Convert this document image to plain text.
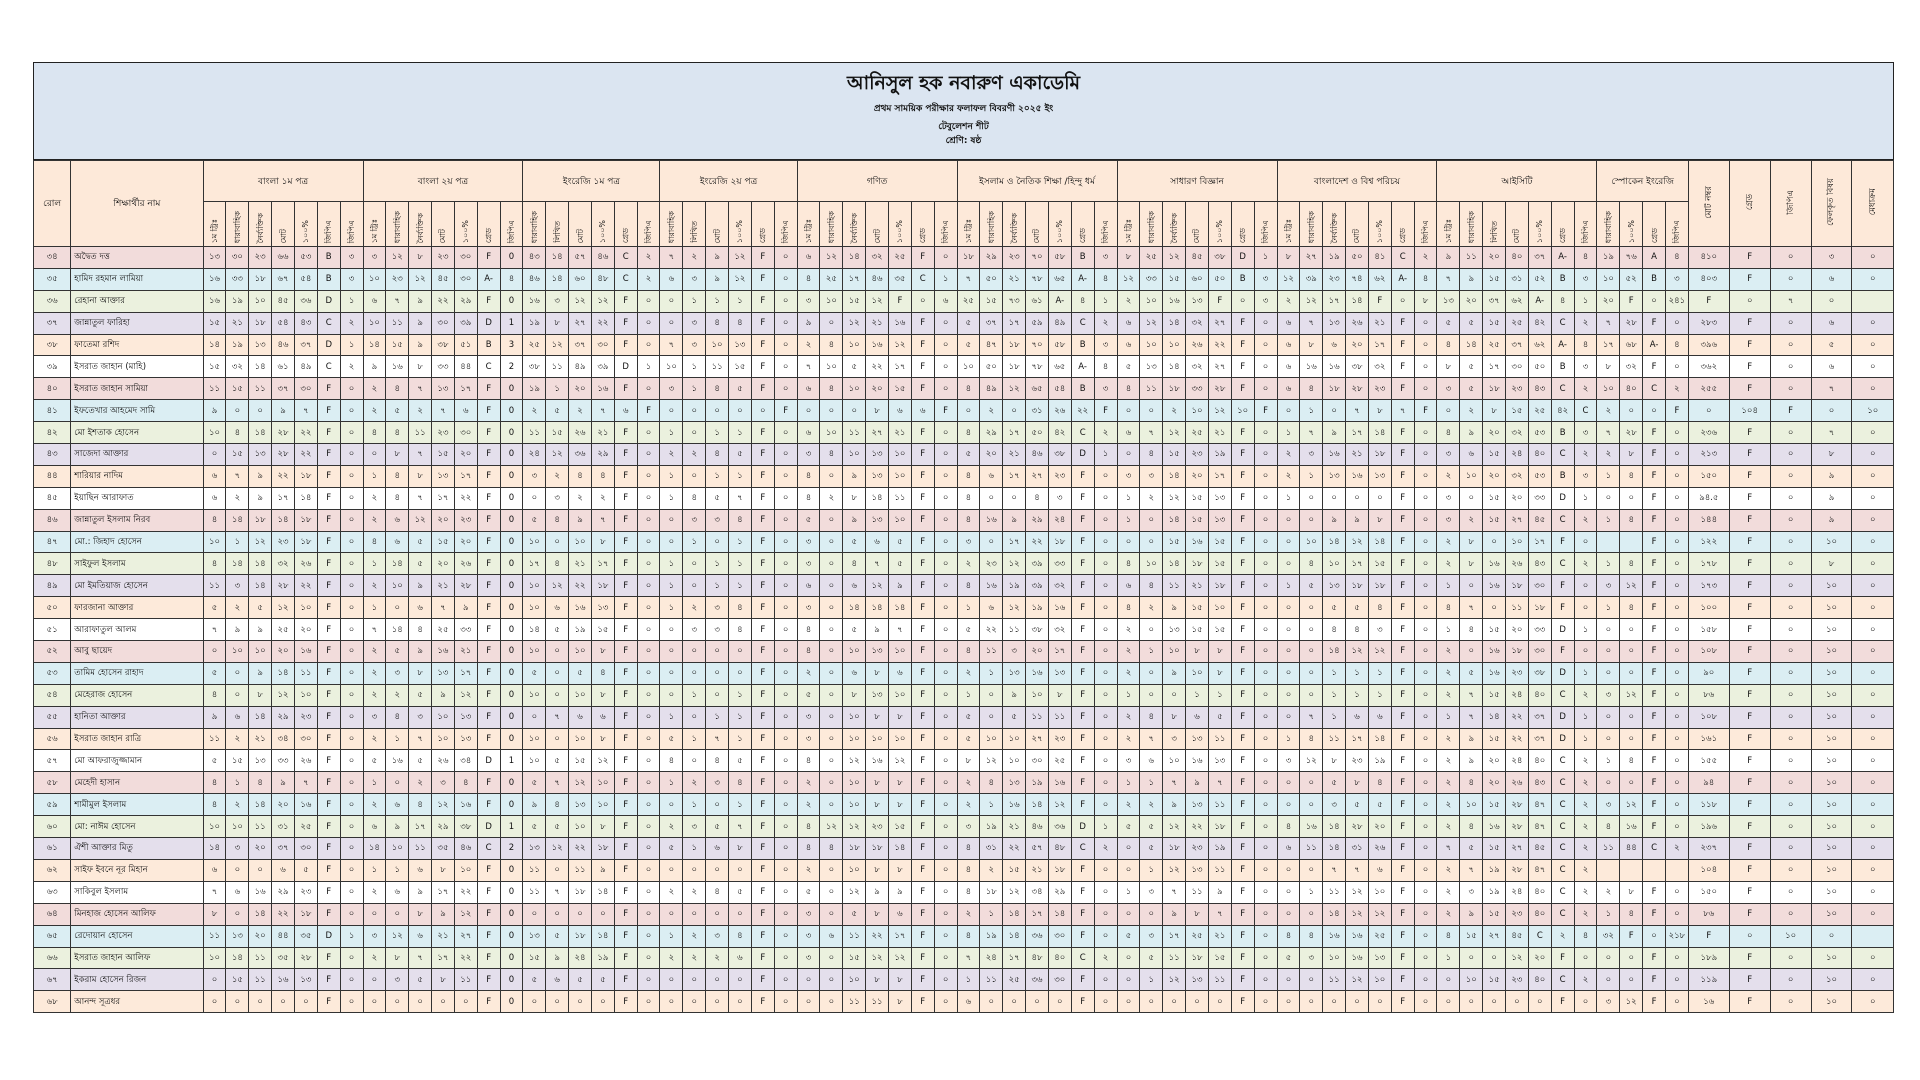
আনিসুল হক নবারুণ একাডেমি
প্রথম সাময়িক পরীক্ষার ফলাফল বিবরণী ২০২৫ ইং
টেবুলেশন শীট
শ্রেণি: ষষ্ঠ
রোল	শিক্ষার্থীর নাম	বাংলা ১ম পত্র	বাংলা ২য় পত্র	ইংরেজি ১ম পত্র	ইংরেজি ২য় পত্র	গণিত	ইসলাম ও নৈতিক শিক্ষা /হিন্দু ধর্ম	সাধারণ বিজ্ঞান	বাংলাদেশ ও বিশ্ব পরিচয়	আইসিটি	স্পোকেন ইংরেজি	মোট নম্বর	গ্রেড	জিপিএ	ফেলকৃত বিষয়	মেধাক্রম
১ম ট্রিঃ	ধারাবাহিক	নৈর্ব্যক্তিক	মোট	১০০%	জিপিএ	জিপিএ	১ম ট্রিঃ	ধারাবাহিক	নৈর্ব্যক্তিক	মোট	১০০%	গ্রেড	জিপিএ	ধারাবাহিক	লিখিত	মোট	১০০%	গ্রেড	জিপিএ	ধারাবাহিক	লিখিত	মোট	১০০%	গ্রেড	জিপিএ	১ম ট্রিঃ	ধারাবাহিক	নৈর্ব্যক্তিক	মোট	১০০%	গ্রেড	জিপিএ	১ম ট্রিঃ	ধারাবাহিক	নৈর্ব্যক্তিক	মোট	১০০%	গ্রেড	জিপিএ	১ম ট্রিঃ	ধারাবাহিক	নৈর্ব্যক্তিক	মোট	১০০%	গ্রেড	জিপিএ	১ম ট্রিঃ	ধারাবাহিক	নৈর্ব্যক্তিক	মোট	১০০%	গ্রেড	জিপিএ	১ম ট্রিঃ	ধারাবাহিক	লিখিত	মোট	১০০%	গ্রেড	জিপিএ	ধারাবাহিক	১০০%	গ্রেড	জিপিএ
৩৪	অদ্বৈত দত্ত	১৩	৩০	২৩	৬৬	৫৩	B	৩	৩	১২	৮	২৩	৩০	F	0	৪৩	১৪	৫৭	৪৬	C	২	৭	২	৯	১২	F	০	৬	১২	১৪	৩২	২৫	F	০	১৮	২৯	২৩	৭০	৫৮	B	৩	৮	২৫	১২	৪৫	৩৮	D	১	৮	২৭	১৯	৫০	৪১	C	২	৯	১১	২০	৪০	৩৭	A-	৪	১৯	৭৬	A	৪	৪১০	F	০	৩	০
৩৫	হামিদ রহমান লামিয়া	১৬	৩৩	১৮	৬৭	৫৪	B	৩	১০	২৩	১২	৪৫	৩০	A-	৪	৪৬	১৪	৬০	৪৮	C	২	৬	৩	৯	১২	F	০	৪	২৫	১৭	৪৬	৩৫	C	১	৭	৫০	২১	৭৮	৬৫	A-	৪	১২	৩৩	১৫	৬০	৫০	B	৩	১২	৩৯	২৩	৭৪	৬২	A-	৪	৭	৯	১৫	৩১	৫২	B	৩	১০	৫২	B	৩	৪০৩	F	০	৬	০
৩৬	রেহানা আক্তার	১৬	১৯	১০	৪৫	৩৬	D	১	৬	৭	৯	২২	২৯	F	0	১৬	৩	১২	১২	F	০	০	১	১	১	F	০	৩	১০	১৫	১২	F	০	৬	২৫	১৫	৭৩	৬১	A-	৪	১	২	১০	১৬	১৩	F	০	৩	২	১২	১৭	১৪	F	০	৮	১৩	২০	৩৭	৬২	A-	৪	১	২০	F	০	২৪১	F	০	৭	০	
৩৭	জান্নাতুল ফারিহা	১৫	২১	১৮	৫৪	৪৩	C	২	১০	১১	৯	৩০	৩৯	D	1	১৯	৮	২৭	২২	F	০	০	৩	৪	৪	F	০	৯	০	১২	২১	১৬	F	০	৫	৩৭	১৭	৫৯	৪৯	C	২	৬	১২	১৪	৩২	২৭	F	০	৬	৭	১৩	২৬	২১	F	০	৫	৫	১৫	২৫	৪২	C	২	৭	২৮	F	০	২৮৩	F	০	৬	০
৩৮	ফাতেমা রশিদ	১৪	১৯	১৩	৪৬	৩৭	D	১	১৪	১৫	৯	৩৮	৫১	B	3	২৫	১২	৩৭	৩০	F	০	৭	৩	১০	১৩	F	০	২	৪	১০	১৬	১২	F	০	৫	৪৭	১৮	৭০	৫৮	B	৩	৬	১০	১০	২৬	২২	F	০	৬	৮	৬	২০	১৭	F	০	৪	১৪	২৫	৩৭	৬২	A-	৪	১৭	৬৮	A-	৪	৩৯৬	F	০	৫	০
৩৯	ইসরাত জাহান (মাহি)	১৫	৩২	১৪	৬১	৪৯	C	২	৯	১৬	৮	৩৩	৪৪	C	2	৩৮	১১	৪৯	৩৯	D	১	১০	১	১১	১৫	F	০	৭	১০	৫	২২	১৭	F	০	১০	৫০	১৮	৭৮	৬৫	A-	৪	৫	১৩	১৪	৩২	২৭	F	০	৬	১৬	১৬	৩৮	৩২	F	০	৮	৫	১৭	৩০	৫০	B	৩	৮	৩২	F	০	৩৬২	F	০	৬	০
৪০	ইসরাত জাহান সামিয়া	১১	১৫	১১	৩৭	৩০	F	০	২	৪	৭	১৩	১৭	F	0	১৯	১	২০	১৬	F	০	৩	১	৪	৫	F	০	৬	৪	১০	২০	১৫	F	০	৪	৪৯	১২	৬৫	৫৪	B	৩	৪	১১	১৮	৩৩	২৮	F	০	৬	৪	১৮	২৮	২৩	F	০	৩	৫	১৮	২৩	৪৩	C	২	১০	৪০	C	২	২৫৫	F	০	৭	০
৪১	ইফতেখার আহমেদ সামি	৯	০	০	৯	৭	F	০	২	৫	২	৭	৬	F	0	২	৫	২	৭	৬	F	০	০	০	০	০	F	০	০	০	৮	৬	৬	F	০	২	০	৩১	২৬	২২	F	০	০	২	১০	১২	১০	F	০	১	০	৭	৮	৭	F	০	২	৮	১৫	২৫	৪২	C	২	০	০	F	০	১০৪	F	০	১০
৪২	মো ইশতাক হোসেন	১০	৪	১৪	২৮	২২	F	০	৪	৪	১১	২৩	৩০	F	0	১১	১৫	২৬	২১	F	০	১	০	১	১	F	০	৬	১০	১১	২৭	২১	F	০	৪	২৯	১৭	৫০	৪২	C	২	৬	৭	১২	২৫	২১	F	০	১	৭	৯	১৭	১৪	F	০	৪	৯	২০	৩২	৫৩	B	৩	৭	২৮	F	০	২৩৬	F	০	৭	০
৪৩	সাজেদা আক্তার	০	১৫	১৩	২৮	২২	F	০	০	৮	৭	১৫	২০	F	0	২৪	১২	৩৬	২৯	F	০	২	২	৪	৫	F	০	৩	৪	১০	১৩	১০	F	০	৫	২০	২১	৪৬	৩৮	D	১	০	৪	১৫	২৩	১৯	F	০	২	৩	১৬	২১	১৮	F	০	৩	৬	১৫	২৪	৪০	C	২	২	৮	F	০	২১৩	F	০	৮	০
৪৪	শারিয়ার নাদিম	৬	৭	৯	২২	১৮	F	০	১	৪	৮	১৩	১৭	F	0	৩	২	৪	৪	F	০	১	০	১	১	F	০	৪	০	৯	১৩	১০	F	০	৪	৬	১৭	২৭	২৩	F	০	৩	৩	১৪	২০	১৭	F	০	২	১	১৩	১৬	১৩	F	০	২	১০	২০	৩২	৫৩	B	৩	১	৪	F	০	১৫০	F	০	৯	০
৪৫	ইয়াছিন আরাফাত	৬	২	৯	১৭	১৪	F	০	২	৪	৭	১৭	২২	F	0	০	৩	২	২	F	০	১	৪	৫	৭	F	০	৪	২	৮	১৪	১১	F	০	৪	০	০	৪	৩	F	০	১	২	১২	১৫	১৩	F	০	১	০	০	০	০	F	০	৩	০	১৫	২০	৩৩	D	১	০	০	F	০	৯৪.৫	F	০	৯	০
৪৬	জান্নাতুল ইসলাম নিরব	৪	১৪	১৮	১৪	১৮	F	০	২	৬	১২	২০	২৩	F	0	৫	৪	৯	৭	F	০	০	৩	৩	৪	F	০	৫	০	৯	১৩	১০	F	০	৪	১৬	৯	২৯	২৪	F	০	১	০	১৪	১৫	১৩	F	০	০	০	৯	৯	৮	F	০	৩	২	১৫	২৭	৪৫	C	২	১	৪	F	০	১৪৪	F	০	৯	০
৪৭	মো.: জিহাদ হোসেন	১০	১	১২	২৩	১৮	F	০	৪	৬	৫	১৫	২০	F	0	১০	০	১০	৮	F	০	০	১	০	১	F	০	৩	০	৫	৬	৫	F	০	৩	০	১৭	২২	১৮	F	০	০	০	১৫	১৬	১৫	F	০	০	১০	১৪	১২	১৪	F	০	২	৮	০	১০	১৭	F	০			F	০	১২২	F	০	১০	০
৪৮	সাইফুল ইসলাম	৪	১৪	১৪	৩২	২৬	F	০	১	১৪	৫	২০	২৬	F	0	১৭	৪	২১	১৭	F	০	১	০	১	১	F	০	৩	০	৪	৭	৫	F	০	২	২৩	১২	৩৯	৩৩	F	০	৪	১০	১৪	১৮	১৫	F	০	০	৪	১০	১৭	১৫	F	০	২	৮	১৬	২৬	৪৩	C	২	১	৪	F	০	১৭৮	F	০	৮	০
৪৯	মো ইমতিয়াজ হোসেন	১১	৩	১৪	২৮	২২	F	০	২	১০	৯	২১	২৮	F	0	১০	১২	২২	১৮	F	০	১	০	১	১	F	০	৬	০	৬	১২	৯	F	০	৪	১৬	১৯	৩৯	৩২	F	০	৬	৪	১১	২১	১৮	F	০	১	৫	১৩	১৮	১৮	F	০	১	০	১৬	১৮	৩০	F	০	৩	১২	F	০	১৭৩	F	০	১০	০
৫০	ফারজানা আক্তার	৫	২	৫	১২	১০	F	০	১	০	৬	৭	৯	F	0	১০	৬	১৬	১৩	F	০	১	২	৩	৪	F	০	৩	০	১৪	১৪	১৪	F	০	১	৬	১২	১৯	১৬	F	০	৪	২	৯	১৫	১০	F	০	০	০	৫	৫	৪	F	০	৪	৭	০	১১	১৮	F	০	১	৪	F	০	১০০	F	০	১০	০
৫১	আরাফাতুল আলম	৭	৯	৯	২৫	২০	F	০	৭	১৪	৪	২৫	৩৩	F	0	১৪	৫	১৯	১৫	F	০	০	৩	৩	৪	F	০	৪	০	৫	৯	৭	F	০	৫	২২	১১	৩৮	৩২	F	০	২	০	১৩	১৫	১৫	F	০	০	০	৪	৪	৩	F	০	১	৪	১৫	২০	৩৩	D	১	০	০	F	০	১৫৮	F	০	১০	০
৫২	আবু ছায়েদ	০	১০	১০	২০	১৬	F	০	২	৫	৯	১৬	২১	F	0	১০	০	১০	৮	F	০	০	০	০	০	F	০	৪	০	১০	১৩	১০	F	০	৪	১১	৩	২০	১৭	F	০	২	১	১০	৮	৮	F	০	০	০	১৪	১২	১২	F	০	২	০	১৬	১৮	৩০	F	০	০	০	F	০	১০৮	F	০	১০	০
৫৩	তামিম হোসেন রাহাদ	৫	০	৯	১৪	১১	F	০	২	৩	৮	১৩	১৭	F	0	৫	০	৫	৪	F	০	০	০	০	০	F	০	২	০	৬	৮	৬	F	০	২	১	১৩	১৬	১৩	F	০	২	০	৯	১০	৮	F	০	০	০	১	১	১	F	০	২	৫	১৬	২৩	৩৮	D	১	০	০	F	০	৯০	F	০	১০	০
৫৪	মেহেরাজ হোসেন	৪	০	৮	১২	১০	F	০	২	২	৫	৯	১২	F	0	১০	০	১০	৮	F	০	০	১	০	১	F	০	৫	০	৮	১৩	১০	F	০	১	০	৯	১০	৮	F	০	১	০	০	১	১	F	০	০	০	১	১	১	F	০	২	৭	১৫	২৪	৪০	C	২	৩	১২	F	০	৮৬	F	০	১০	০
৫৫	হানিতা আক্তার	৯	৬	১৪	২৯	২৩	F	০	৩	৪	৩	১০	১৩	F	0	০	৭	৬	৬	F	০	১	০	১	১	F	০	৩	০	১০	৮	৮	F	০	৫	০	৫	১১	১১	F	০	২	৪	৮	৬	৫	F	০	০	৭	১	৬	৬	F	০	১	৭	১৪	২২	৩৭	D	১	০	০	F	০	১০৮	F	০	১০	০
৫৬	ইসরাত জাহান রাত্রি	১১	২	২১	৩৪	৩০	F	০	২	১	৭	১০	১৩	F	0	১০	০	১০	৮	F	০	৫	১	৭	১	F	০	৩	০	১০	১০	১০	F	০	৫	১০	১০	২৭	২৩	F	০	২	৭	৩	১৩	১১	F	০	১	৪	১১	১৭	১৪	F	০	২	৯	১৫	২২	৩৭	D	১	০	০	F	০	১৬১	F	০	১০	০
৫৭	মো আফরাজুজ্জামান	৫	১৫	১৩	৩৩	২৬	F	০	৫	১৬	৫	২৬	৩৪	D	1	১০	৫	১৫	১২	F	০	৪	০	৪	৫	F	০	৪	০	১২	১৬	১২	F	০	৮	১২	১০	৩০	২৫	F	০	৩	৬	১০	১৬	১৩	F	০	৩	১২	৮	২৩	১৯	F	০	২	৯	২০	২৪	৪০	C	২	১	৪	F	০	১৫৫	F	০	১০	০
৫৮	মেহেদী হাসান	৪	১	৪	৯	৭	F	০	১	০	২	৩	৪	F	0	৫	৭	১২	১০	F	০	১	২	৩	৪	F	০	২	০	১০	৮	৮	F	০	২	৪	১৩	১৯	১৬	F	০	১	১	৭	৯	৭	F	০	০	০	৫	৮	৪	F	০	২	৪	২০	২৬	৪৩	C	২	০	০	F	০	৯৪	F	০	১০	০
৫৯	শামীমুল ইসলাম	৪	২	১৪	২০	১৬	F	০	২	৬	৪	১২	১৬	F	0	৯	৪	১৩	১০	F	০	০	১	০	১	F	০	২	০	১০	৮	৮	F	০	২	১	১৬	১৪	১২	F	০	২	২	৯	১৩	১১	F	০	০	০	৩	৫	৫	F	০	২	১০	১৫	২৮	৪৭	C	২	৩	১২	F	০	১১৮	F	০	১০	০
৬০	মো: নাঈম হোসেন	১০	১০	১১	৩১	২৫	F	০	৬	৯	১৭	২৯	৩৮	D	1	৫	৫	১০	৮	F	০	২	৩	৫	৭	F	০	৪	১২	১২	২৩	১৫	F	০	৩	১৯	২১	৪৬	৩৬	D	১	৫	৫	১২	২২	১৮	F	০	৪	১৬	১৪	২৮	২০	F	০	২	৪	১৬	২৮	৪৭	C	২	৪	১৬	F	০	১৯৬	F	০	১০	০
৬১	ঐশী আক্তার মিতু	১৪	৩	২০	৩৭	৩০	F	০	১৪	১০	১১	৩৫	৪৬	C	2	১৩	১২	২২	১৮	F	০	৫	১	৬	৮	F	০	৪	৪	১৮	১৮	১৪	F	০	৪	৩১	২২	৫৭	৪৮	C	২	০	৫	১৮	২৩	১৯	F	০	৬	১১	১৪	৩১	২৬	F	০	৭	৫	১৫	২৭	৪৫	C	২	১১	৪৪	C	২	২৩৭	F	০	১০	০
৬২	সাইফ ইবনে নূর মিহান	৬	০	০	৬	৫	F	০	১	১	৬	৮	১০	F	0	১১	০	১১	৯	F	০	০	০	০	০	F	০	২	০	১০	৮	৮	F	০	৪	২	১৫	২১	১৮	F	০	০	১	১২	১৩	১১	F	০	০	০	৭	৭	৬	F	০	২	৭	১৯	২৮	৪৭	C	২					১০৪	F	০	১০	০
৬৩	সাকিবুল ইসলাম	৭	৬	১৬	২৯	২৩	F	০	২	৬	৯	১৭	২২	F	0	১১	৭	১৮	১৪	F	০	২	২	৪	৫	F	০	৫	০	১২	৯	৯	F	০	৪	১৮	১২	৩৪	২৯	F	০	১	৩	৭	১১	৯	F	০	০	১	১১	১২	১০	F	০	২	৩	১৯	২৪	৪০	C	২	২	৮	F	০	১৫০	F	০	১০	০
৬৪	মিনহাজ হোসেন আলিফ	৮	০	১৪	২২	১৮	F	০	০	০	৮	৯	১২	F	0	০	০	০	০	F	০	০	০	০	০	F	০	৩	০	৫	৮	৬	F	০	২	১	১৪	১৭	১৪	F	০	০	০	৯	৮	৭	F	০	০	০	১৪	১২	১২	F	০	২	৯	১৫	২৩	৪০	C	২	১	৪	F	০	৮৬	F	০	১০	০
৬৫	রেদোয়ান হোসেন	১১	১৩	২০	৪৪	৩৫	D	১	৩	১২	৬	২১	২৭	F	0	১৩	৫	১৮	১৪	F	০	১	২	৩	৪	F	০	৩	৬	১১	২২	১৭	F	০	৪	১৯	১৪	৩৬	৩০	F	০	৫	৩	১৭	২৫	২১	F	০	৪	৪	১৬	১৬	২৫	F	০	৪	১৫	২৭	৪৫	C	২	৪	৩২	F	০	২১৮	F	০	১০	০	
৬৬	ইসরাত জাহান আলিফ	১০	১৪	১১	৩৫	২৮	F	০	২	৮	৭	১৭	২২	F	0	১৫	৯	২৪	১৯	F	০	২	২	২	৬	F	০	৩	০	১৫	১২	১২	F	০	৭	২৪	১৭	৪৮	৪০	C	২	০	৫	১১	১৮	১৫	F	০	৫	৩	১০	১৬	১৩	F	০	১	০	০	১২	২০	F	০	০	০	F	০	১৮৯	F	০	১০	০
৬৭	ইকরাম হোসেন রিজন	০	১৫	১১	১৬	১৩	F	০	০	৩	৫	৮	১১	F	0	৫	৬	৫	৫	F	০	০	০	০	০	F	০	০	০	১০	৮	৮	F	০	১	১১	২৫	৩৬	৩০	F	০	০	১	১২	১৩	১১	F	০	০	০	১১	১২	১০	F	০	০	১০	১৫	২৩	৪০	C	২	০	০	F	০	১১৯	F	০	১০	০
৬৮	আনন্দ সূত্রধর	০	০	০	০	০	F	০	০	০	০	০	০	F	0	০	০	০	০	F	০	০	০	০	০	F	০	০	০	১১	১১	৮	F	০	৬	০	০	০	০	F	০	০	০	০	০	০	F	০	০	০	০	০	০	F	০	০	০	০	০	০	F	০	৩	১২	F	০	১৬	F	০	১০	০
